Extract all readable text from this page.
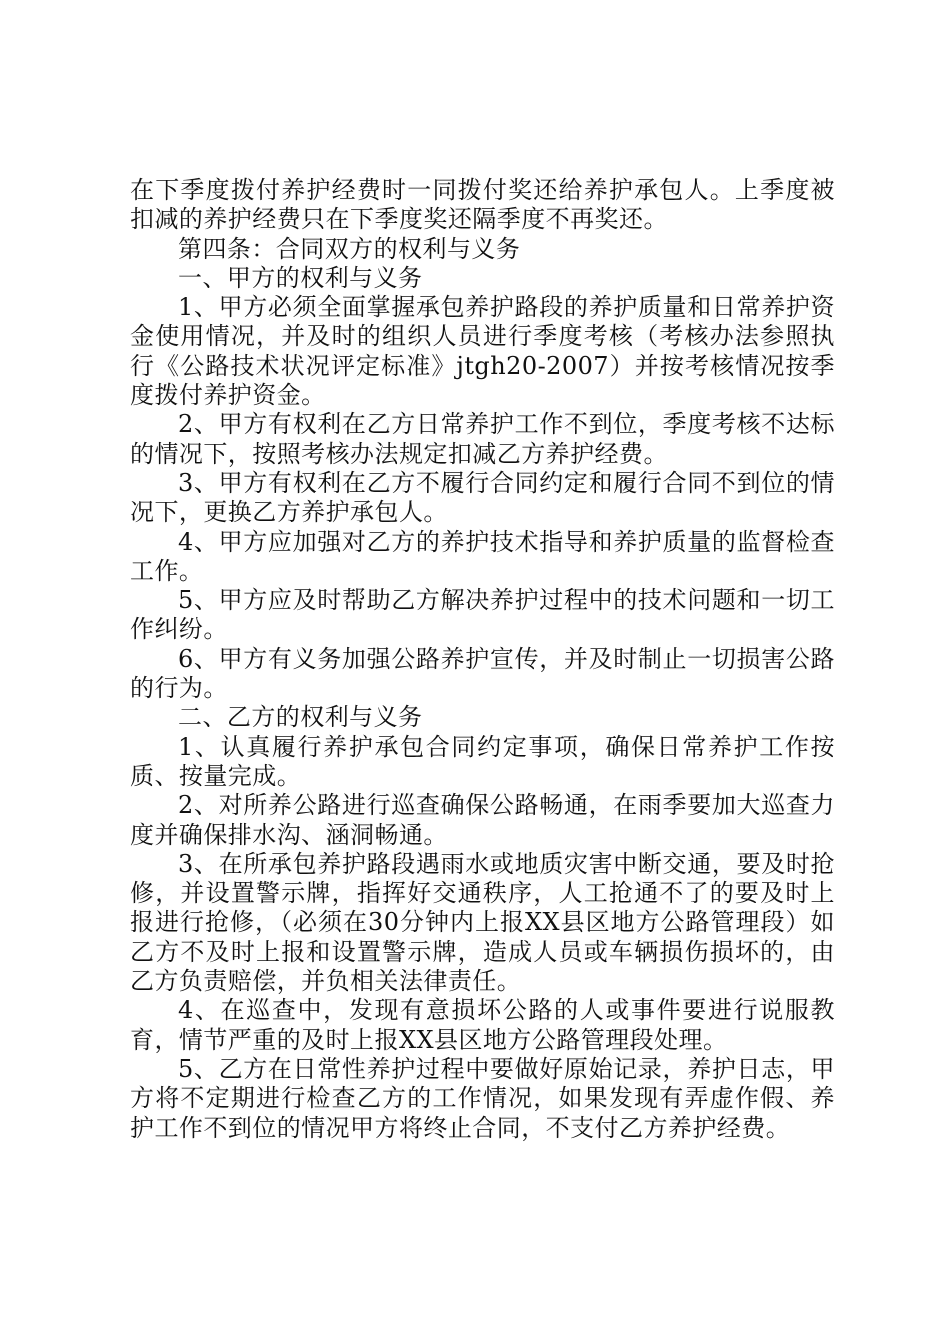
在下季度拨付养护经费时一同拨付奖还给养护承包人。上季度被扣减的养护经费只在下季度奖还隔季度不再奖还。

第四条：合同双方的权利与义务

一、甲方的权利与义务

1、甲方必须全面掌握承包养护路段的养护质量和日常养护资金使用情况，并及时的组织人员进行季度考核（考核办法参照执行《公路技术状况评定标准》jtgh20-2007）并按考核情况按季度拨付养护资金。

2、甲方有权利在乙方日常养护工作不到位，季度考核不达标的情况下，按照考核办法规定扣减乙方养护经费。

3、甲方有权利在乙方不履行合同约定和履行合同不到位的情况下，更换乙方养护承包人。

4、甲方应加强对乙方的养护技术指导和养护质量的监督检查工作。

5、甲方应及时帮助乙方解决养护过程中的技术问题和一切工作纠纷。

6、甲方有义务加强公路养护宣传，并及时制止一切损害公路的行为。

二、乙方的权利与义务

1、认真履行养护承包合同约定事项，确保日常养护工作按质、按量完成。

2、对所养公路进行巡查确保公路畅通，在雨季要加大巡查力度并确保排水沟、涵洞畅通。

3、在所承包养护路段遇雨水或地质灾害中断交通，要及时抢修，并设置警示牌，指挥好交通秩序，人工抢通不了的要及时上报进行抢修，（必须在30分钟内上报XX县区地方公路管理段）如乙方不及时上报和设置警示牌，造成人员或车辆损伤损坏的，由乙方负责赔偿，并负相关法律责任。

4、在巡查中，发现有意损坏公路的人或事件要进行说服教育，情节严重的及时上报XX县区地方公路管理段处理。

5、乙方在日常性养护过程中要做好原始记录，养护日志，甲方将不定期进行检查乙方的工作情况，如果发现有弄虚作假、养护工作不到位的情况甲方将终止合同，不支付乙方养护经费。
